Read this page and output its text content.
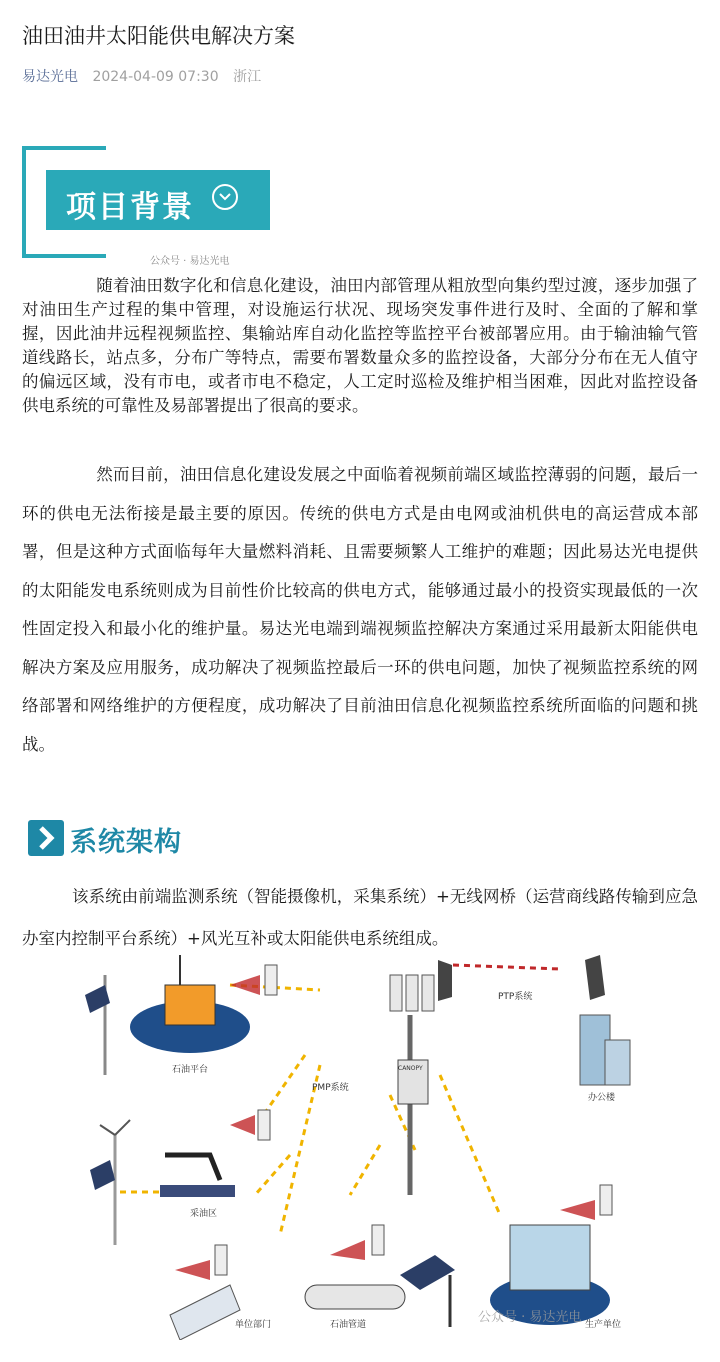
油田油井太阳能供电解决方案
易达光电 2024-04-09 07:30 浙江
项目背景
公众号 · 易达光电
随着油田数字化和信息化建设，油田内部管理从粗放型向集约型过渡，逐步加强了对油田生产过程的集中管理，对设施运行状况、现场突发事件进行及时、全面的了解和掌握，因此油井远程视频监控、集输站库自动化监控等监控平台被部署应用。由于输油输气管道线路长，站点多，分布广等特点，需要布署数量众多的监控设备，大部分分布在无人值守的偏远区域，没有市电，或者市电不稳定，人工定时巡检及维护相当困难，因此对监控设备供电系统的可靠性及易部署提出了很高的要求。
然而目前，油田信息化建设发展之中面临着视频前端区域监控薄弱的问题，最后一环的供电无法衔接是最主要的原因。传统的供电方式是由电网或油机供电的高运营成本部署，但是这种方式面临每年大量燃料消耗、且需要频繁人工维护的难题；因此易达光电提供的太阳能发电系统则成为目前性价比较高的供电方式，能够通过最小的投资实现最低的一次性固定投入和最小化的维护量。易达光电端到端视频监控解决方案通过采用最新太阳能供电解决方案及应用服务，成功解决了视频监控最后一环的供电问题，加快了视频监控系统的网络部署和网络维护的方便程度，成功解决了目前油田信息化视频监控系统所面临的问题和挑战。
系统架构
该系统由前端监测系统（智能摄像机，采集系统）+无线网桥（运营商线路传输到应急办室内控制平台系统）+风光互补或太阳能供电系统组成。
石油平台
PTP系统
办公楼
PMP系统
采油区
单位部门	石油管道	生产单位
CANOPY
公众号 · 易达光电
